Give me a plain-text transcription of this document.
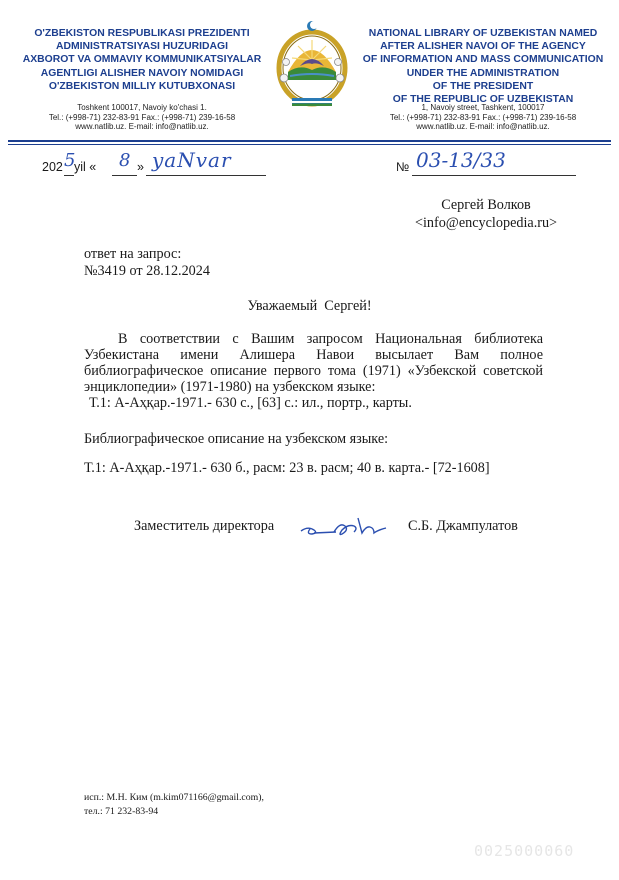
O'ZBEKISTON RESPUBLIKASI PREZIDENTI
ADMINISTRATSIYASI HUZURIDAGI
AXBOROT VA OMMAVIY KOMMUNIKATSIYALAR
AGENTLIGI ALISHER NAVOIY NOMIDAGI
O'ZBEKISTON MILLIY KUTUBXONASI
Toshkent 100017, Navoiy ko'chasi 1.
Tel.: (+998-71) 232-83-91 Fax.: (+998-71) 239-16-58
www.natlib.uz. E-mail: info@natlib.uz.
★
NATIONAL LIBRARY OF UZBEKISTAN NAMED
AFTER ALISHER NAVOI OF THE AGENCY
OF INFORMATION AND MASS COMMUNICATION
UNDER THE ADMINISTRATION
OF THE PRESIDENT
OF THE REPUBLIC OF UZBEKISTAN
1, Navoiy street, Tashkent, 100017
Tel.: (+998-71) 232-83-91 Fax.: (+998-71) 239-16-58
www.natlib.uz. E-mail: info@natlib.uz.
202 5
yil « 8 » yaNvar	№ 03-13/33
Сергей Волков
<info@encyclopedia.ru>
ответ на запрос:
№3419 от 28.12.2024
Уважаемый  Сергей!
В   соответствии   с   Вашим   запросом   Национальная   библиотека
Узбекистана    имени    Алишера    Навои    высылает    Вам    полное
библиографическое описание первого тома (1971) «Узбекской советской
энциклопедии» (1971-1980) на узбекском языке:
Т.1: А-Аҳқар.-1971.- 630 с., [63] с.: ил., портр., карты.
Библиографическое описание на узбекском языке:
Т.1: А-Аҳқар.-1971.- 630 б., расм: 23 в. расм; 40 в. карта.- [72-1608]
Заместитель директора	С.Б. Джампулатов
исп.: М.Н. Ким (m.kim071166@gmail.com),
тел.: 71 232-83-94
0025000060
